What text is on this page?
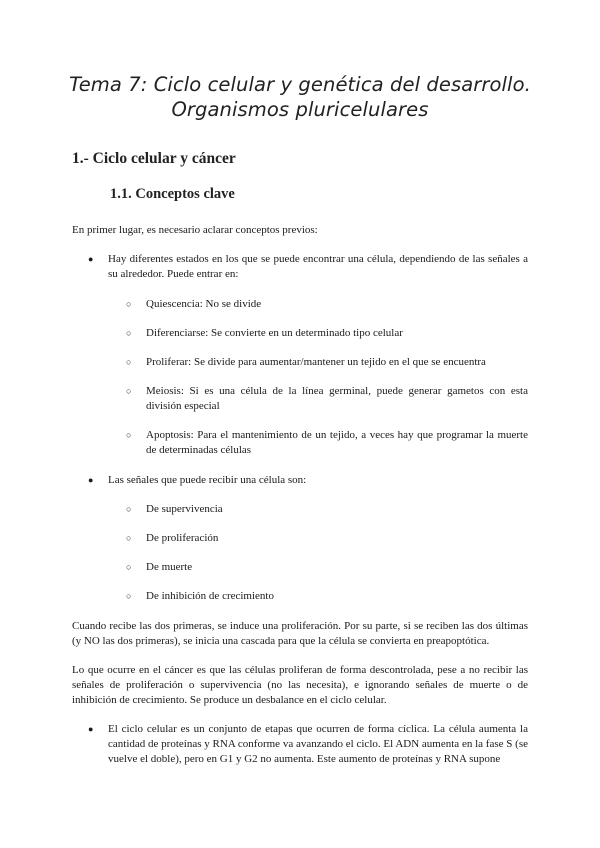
Tema 7: Ciclo celular y genética del desarrollo.
Organismos pluricelulares
1.- Ciclo celular y cáncer
1.1. Conceptos clave
En primer lugar, es necesario aclarar conceptos previos:
● Hay diferentes estados en los que se puede encontrar una célula, dependiendo de las señales a su alrededor. Puede entrar en:
○ Quiescencia: No se divide
○ Diferenciarse: Se convierte en un determinado tipo celular
○ Proliferar: Se divide para aumentar/mantener un tejido en el que se encuentra
○ Meiosis: Si es una célula de la línea germinal, puede generar gametos con esta división especial
○ Apoptosis: Para el mantenimiento de un tejido, a veces hay que programar la muerte de determinadas células
● Las señales que puede recibir una célula son:
○ De supervivencia
○ De proliferación
○ De muerte
○ De inhibición de crecimiento
Cuando recibe las dos primeras, se induce una proliferación. Por su parte, si se reciben las dos últimas (y NO las dos primeras), se inicia una cascada para que la célula se convierta en preapoptótica.
Lo que ocurre en el cáncer es que las células proliferan de forma descontrolada, pese a no recibir las señales de proliferación o supervivencia (no las necesita), e ignorando señales de muerte o de inhibición de crecimiento. Se produce un desbalance en el ciclo celular.
● El ciclo celular es un conjunto de etapas que ocurren de forma cíclica. La célula aumenta la cantidad de proteínas y RNA conforme va avanzando el ciclo. El ADN aumenta en la fase S (se vuelve el doble), pero en G1 y G2 no aumenta. Este aumento de proteínas y RNA supone
